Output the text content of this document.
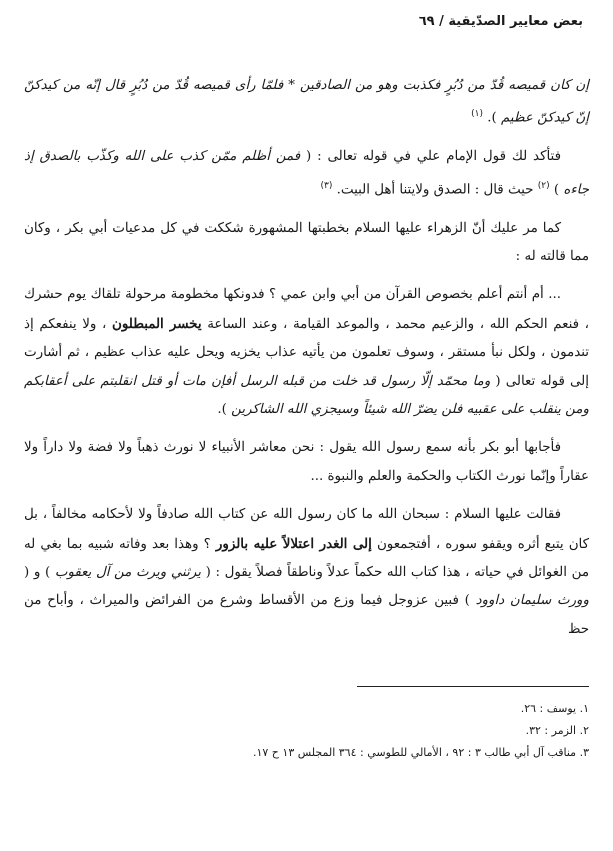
بعض معايير الصدّيقية / ٦٩

إن كان قميصه قُدّ من دُبُرٍ فكذبت وهو من الصادقين * فلمّا رأى قميصه قُدّ من دُبُرٍ قال إنّه من كيدكنّ إنّ كيدكنّ عظيم ). $^{(١)}$

فتأكد لك قول الإمام علي في قوله تعالى : ( فمن أظلم ممّن كذب على الله وكذّب بالصدق إذ جاءه ) $^{(٢)}$ حيث قال : الصدق ولايتنا أهل البيت. $^{(٣)}$

كما مر عليك أنّ الزهراء عليها السلام بخطبتها المشهورة شككت في كل مدعيات أبي بكر ، وكان مما قالته له :

... أم أنتم أعلم بخصوص القرآن من أبي وابن عمي ؟ فدونكها مخطومة مرحولة تلقاك يوم حشرك ، فنعم الحكم الله ، والزعيم محمد ، والموعد القيامة ، وعند الساعة يخسر المبطلون ، ولا ينفعكم إذ تندمون ، ولكل نبأ مستقر ، وسوف تعلمون من يأتيه عذاب يخزيه ويحل عليه عذاب عظيم ، ثم أشارت إلى قوله تعالى ( وما محمّد إلّا رسول قد خلت من قبله الرسل أفإن مات أو قتل انقلبتم على أعقابكم ومن ينقلب على عقبيه فلن يضرّ الله شيئاً وسيجزي الله الشاكرين ).

فأجابها أبو بكر بأنه سمع رسول الله يقول : نحن معاشر الأنبياء لا نورث ذهباً ولا فضة ولا داراً ولا عقاراً وإنّما نورث الكتاب والحكمة والعلم والنبوة ...

فقالت عليها السلام : سبحان الله ما كان رسول الله عن كتاب الله صادفاً ولا لأحكامه مخالفاً ، بل كان يتبع أثره ويقفو سوره ، أفتجمعون إلى الغدر اعتلالاً عليه بالزور ؟ وهذا بعد وفاته شبيه بما بغي له من الغوائل في حياته ، هذا كتاب الله حكماً عدلاً وناطقاً فصلاً يقول : ( يرثني ويرث من آل يعقوب ) و ( وورث سليمان داوود ) فبين عزوجل فيما وزع من الأقساط وشرع من الفرائض والميراث ، وأباح من حظ

١. يوسف : ٢٦.
٢. الزمر : ٣٢.
٣. مناقب آل أبي طالب ٣ : ٩٢ ، الأمالي للطوسي : ٣٦٤ المجلس ١٣ ح ١٧.
